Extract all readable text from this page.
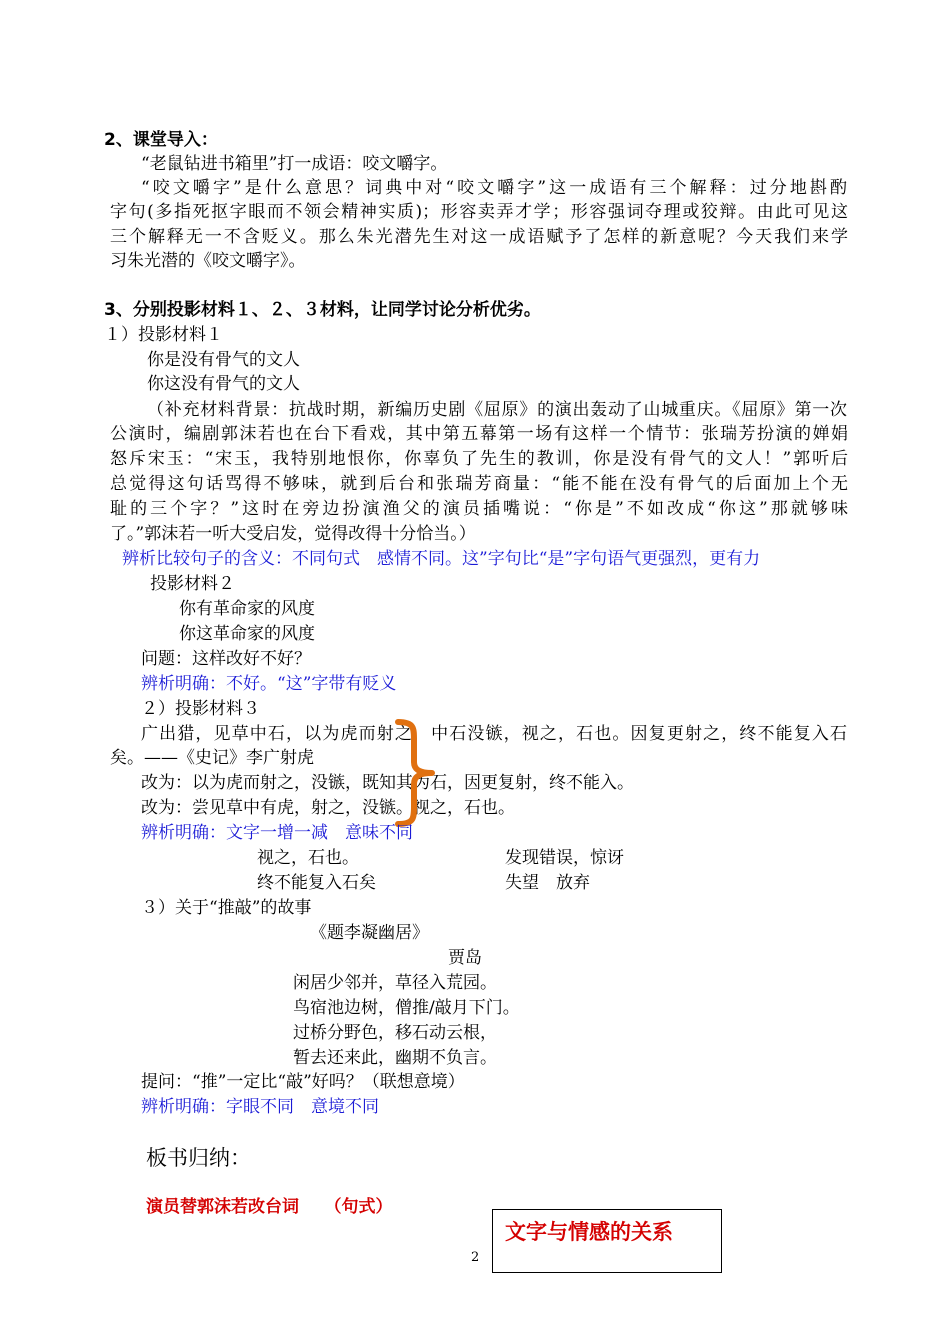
2、课堂导入：
“老鼠钻进书箱里”打一成语：咬文嚼字。
“咬文嚼字”是什么意思？词典中对“咬文嚼字”这一成语有三个解释：过分地斟酌
字句(多指死抠字眼而不领会精神实质)；形容卖弄才学；形容强词夺理或狡辩。由此可见这
三个解释无一不含贬义。那么朱光潜先生对这一成语赋予了怎样的新意呢？今天我们来学
习朱光潜的《咬文嚼字》。
3、分别投影材料１、２、３材料，让同学讨论分析优劣。
１）投影材料１
你是没有骨气的文人
你这没有骨气的文人
（补充材料背景：抗战时期，新编历史剧《屈原》的演出轰动了山城重庆。《屈原》第一次
公演时，编剧郭沫若也在台下看戏，其中第五幕第一场有这样一个情节：张瑞芳扮演的婵娟
怒斥宋玉：“宋玉，我特别地恨你，你辜负了先生的教训，你是没有骨气的文人！”郭听后
总觉得这句话骂得不够味，就到后台和张瑞芳商量：“能不能在没有骨气的后面加上个无
耻的三个字？”这时在旁边扮演渔父的演员插嘴说：“你是”不如改成“你这”那就够味
了。”郭沫若一听大受启发，觉得改得十分恰当。）
辨析比较句子的含义：不同句式　感情不同。这”字句比“是”字句语气更强烈，更有力
投影材料２
你有革命家的风度
你这革命家的风度
问题：这样改好不好？
辨析明确：不好。“这”字带有贬义
２）投影材料３
广出猎，见草中石，以为虎而射之，中石没镞，视之，石也。因复更射之，终不能复入石
矣。——《史记》李广射虎
改为：以为虎而射之，没镞，既知其为石，因更复射，终不能入。
改为：尝见草中有虎，射之，没镞。视之，石也。
辨析明确：文字一增一减　意味不同
视之，石也。	发现错误，惊讶
终不能复入石矣	失望　放弃
３）关于“推敲”的故事
《题李凝幽居》
贾岛
闲居少邻并，草径入荒园。
鸟宿池边树，僧推/敲月下门。
过桥分野色，移石动云根，
暂去还来此，幽期不负言。
提问：“推”一定比“敲”好吗？（联想意境）
辨析明确：字眼不同　意境不同
板书归纳：
演员替郭沫若改台词　　（句式）
文字与情感的关系
2
